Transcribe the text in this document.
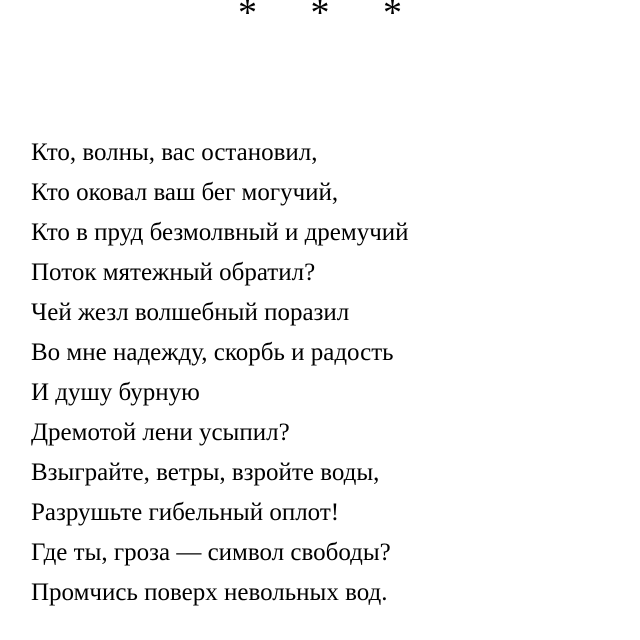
* * *
Кто, волны, вас остановил,
Кто оковал ваш бег могучий,
Кто в пруд безмолвный и дремучий
Поток мятежный обратил?
Чей жезл волшебный поразил
Во мне надежду, скорбь и радость
И душу бурную
Дремотой лени усыпил?
Взыграйте, ветры, взройте воды,
Разрушьте гибельный оплот!
Где ты, гроза — символ свободы?
Промчись поверх невольных вод.
